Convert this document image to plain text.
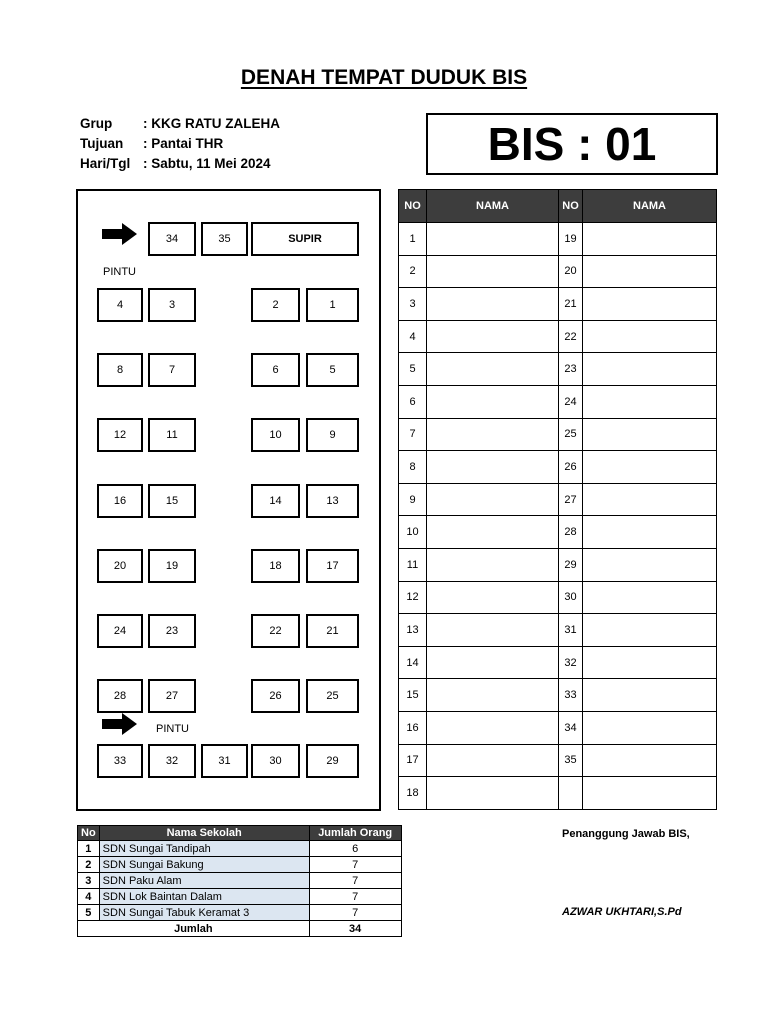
DENAH TEMPAT DUDUK BIS
Grup	: KKG RATU ZALEHA
Tujuan	: Pantai THR
Hari/Tgl : Sabtu, 11 Mei 2024	BIS : 01
34	35	SUPIR
PINTU
4	3	2	1
8	7	6	5
12	11	10	9
16	15	14	13
20	19	18	17
24	23	22	21
28	27	26	25
PINTU
33	32	31	30	29
NO	NAMA	NO	NAMA
1		19	
2		20	
3		21	
4		22	
5		23	
6		24	
7		25	
8		26	
9		27	
10		28	
11		29	
12		30	
13		31	
14		32	
15		33	
16		34	
17		35	
18			
No	Nama Sekolah	Jumlah Orang
1	SDN Sungai Tandipah	6
2	SDN Sungai Bakung	7
3	SDN Paku Alam	7
4	SDN Lok Baintan Dalam	7
5	SDN Sungai Tabuk Keramat 3	7
Jumlah		34
Penanggung Jawab BIS,
AZWAR UKHTARI,S.Pd
